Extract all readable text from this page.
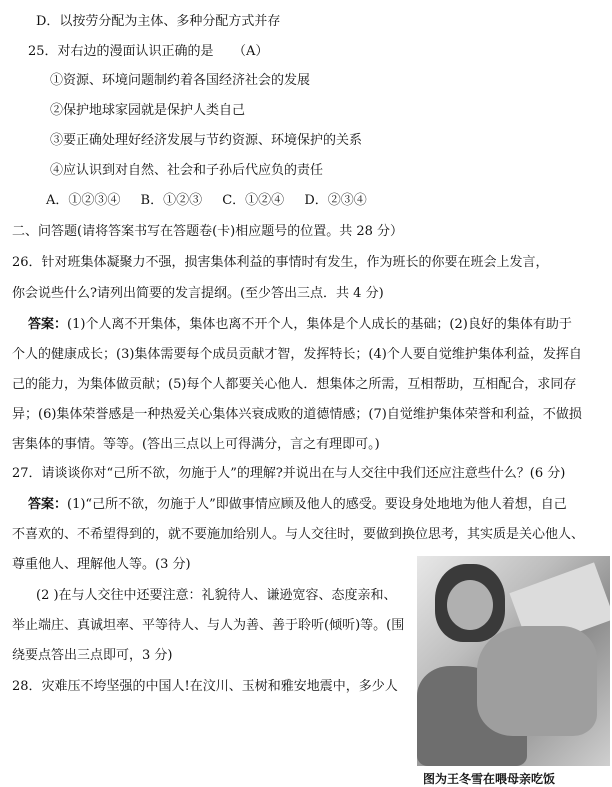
D．以按劳分配为主体、多种分配方式并存
25．对右边的漫面认识正确的是　　（A）
①资源、环境问题制约着各国经济社会的发展
②保护地球家园就是保护人类自己
③要正确处理好经济发展与节约资源、环境保护的关系
④应认识到对自然、社会和子孙后代应负的责任
A．①②③④ B．①②③ C．①②④ D．②③④
二、问答题(请将答案书写在答题卷(卡)相应题号的位置。共 28 分）
26．针对班集体凝聚力不强，损害集体利益的事情时有发生，作为班长的你要在班会上发言，
你会说些什么?请列出简要的发言提纲。(至少答出三点．共 4 分)
答案：(1)个人离不开集体，集体也离不开个人，集体是个人成长的基础；(2)良好的集体有助于
个人的健康成长；(3)集体需要每个成员贡献才智，发挥特长；(4)个人要自觉维护集体利益，发挥自
己的能力，为集体做贡献；(5)每个人都要关心他人．想集体之所需，互相帮助，互相配合，求同存
异；(6)集体荣誉感是一种热爱关心集体兴衰成败的道德情感；(7)自觉维护集体荣誉和利益，不做损
害集体的事情。等等。(答出三点以上可得满分，言之有理即可。)
27．请谈谈你对“己所不欲，勿施于人”的理解?并说出在与人交往中我们还应注意些什么？(6 分)
答案：(1)“己所不欲，勿施于人”即做事情应顾及他人的感受。要设身处地地为他人着想，自己
不喜欢的、不希望得到的，就不要施加给别人。与人交往时，要做到换位思考，其实质是关心他人、
尊重他人、理解他人等。(3 分)
(2 )在与人交往中还要注意：礼貌待人、谦逊宽容、态度亲和、
举止端庄、真诚坦率、平等待人、与人为善、善于聆听(倾听)等。(围
绕要点答出三点即可，3 分)
28．灾难压不垮坚强的中国人!在汶川、玉树和雅安地震中，多少人
图为王冬雪在喂母亲吃饭
